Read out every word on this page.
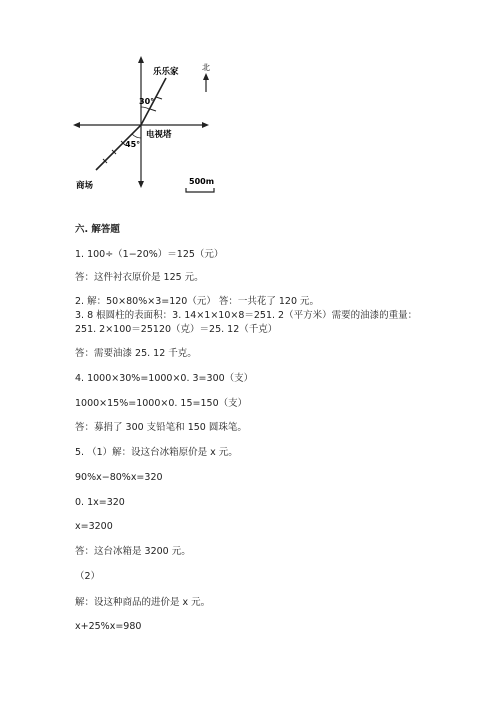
乐乐家	北
30°
电视塔
45°
商场	500m
六. 解答题
1. 100÷（1−20%）＝125（元）
答：这件衬衣原价是 125 元。
2. 解：50×80%×3=120（元） 答：一共花了 120 元。
3. 8 根圆柱的表面积：3. 14×1×10×8＝251. 2（平方米）需要的油漆的重量：
251. 2×100＝25120（克）＝25. 12（千克）
答：需要油漆 25. 12 千克。
4. 1000×30%=1000×0. 3=300（支）
1000×15%=1000×0. 15=150（支）
答：募捐了 300 支铅笔和 150 圆珠笔。
5. （1）解：设这台冰箱原价是 x 元。
90%x−80%x=320
0. 1x=320
x=3200
答：这台冰箱是 3200 元。
（2）
解：设这种商品的进价是 x 元。
x+25%x=980
